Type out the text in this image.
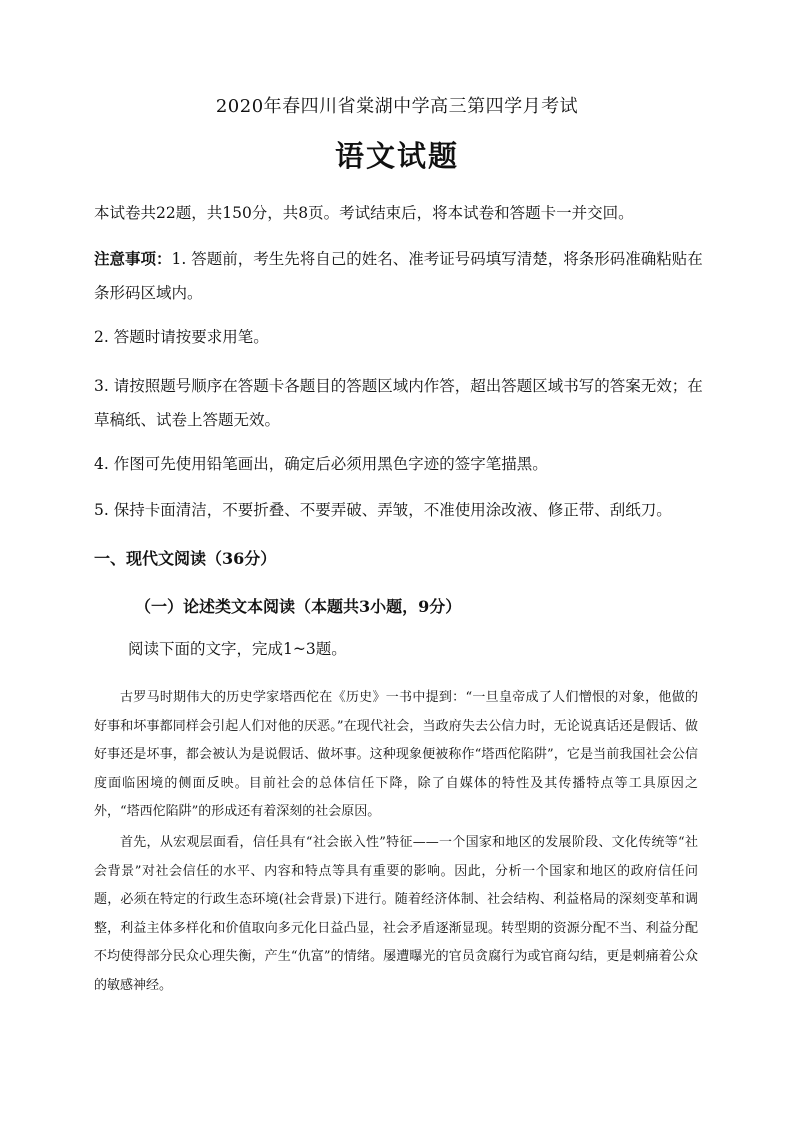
2020年春四川省棠湖中学高三第四学月考试
语文试题
本试卷共22题，共150分，共8页。考试结束后，将本试卷和答题卡一并交回。
注意事项：1. 答题前，考生先将自己的姓名、准考证号码填写清楚，将条形码准确粘贴在条形码区域内。
2. 答题时请按要求用笔。
3. 请按照题号顺序在答题卡各题目的答题区域内作答，超出答题区域书写的答案无效；在草稿纸、试卷上答题无效。
4. 作图可先使用铅笔画出，确定后必须用黑色字迹的签字笔描黑。
5. 保持卡面清洁，不要折叠、不要弄破、弄皱，不准使用涂改液、修正带、刮纸刀。
一、现代文阅读（36分）
（一）论述类文本阅读（本题共3小题，9分）
阅读下面的文字，完成1~3题。
古罗马时期伟大的历史学家塔西佗在《历史》一书中提到：“一旦皇帝成了人们憎恨的对象，他做的好事和坏事都同样会引起人们对他的厌恶。”在现代社会，当政府失去公信力时，无论说真话还是假话、做好事还是坏事，都会被认为是说假话、做坏事。这种现象便被称作“塔西佗陷阱”，它是当前我国社会公信度面临困境的侧面反映。目前社会的总体信任下降，除了自媒体的特性及其传播特点等工具原因之外，“塔西佗陷阱”的形成还有着深刻的社会原因。
首先，从宏观层面看，信任具有“社会嵌入性”特征——一个国家和地区的发展阶段、文化传统等“社会背景”对社会信任的水平、内容和特点等具有重要的影响。因此，分析一个国家和地区的政府信任问题，必须在特定的行政生态环境(社会背景)下进行。随着经济体制、社会结构、利益格局的深刻变革和调整，利益主体多样化和价值取向多元化日益凸显，社会矛盾逐渐显现。转型期的资源分配不当、利益分配不均使得部分民众心理失衡，产生“仇富”的情绪。屡遭曝光的官员贪腐行为或官商勾结，更是刺痛着公众的敏感神经。
